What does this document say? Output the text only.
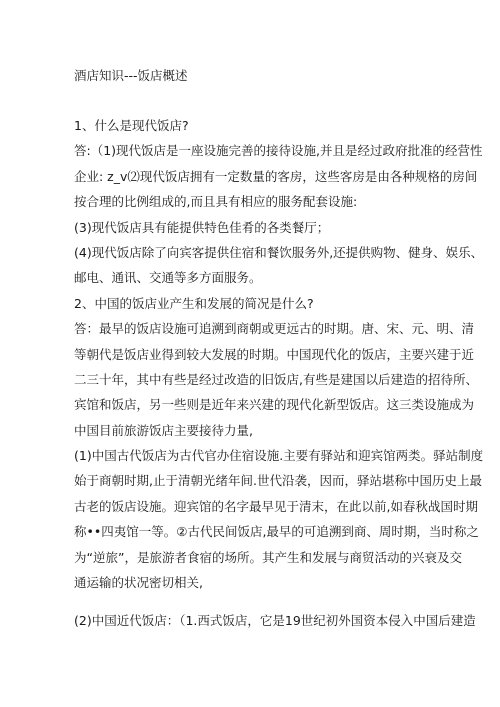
酒店知识---饭店概述
1、什么是现代饭店?
答:（1)现代饭店是一座设施完善的接待设施,并且是经过政府批准的经营性
企业: z_v⑵现代饭店拥有一定数量的客房，这些客房是由各种规格的房间
按合理的比例组成的,而且具有相应的服务配套设施:
(3)现代饭店具有能提供特色佳肴的各类餐厅；
(4)现代饭店除了向宾客提供住宿和餐饮服务外,还提供购物、健身、娱乐、
邮电、通讯、交通等多方面服务。
2、中国的饭店业产生和发展的简况是什么?
答：最早的饭店设施可追溯到商朝或更远古的时期。唐、宋、元、明、清
等朝代是饭店业得到较大发展的时期。中国现代化的饭店，主要兴建于近
二三十年，其中有些是经过改造的旧饭店,有些是建国以后建造的招待所、
宾馆和饭店，另一些则是近年来兴建的现代化新型饭店。这三类设施成为
中国目前旅游饭店主要接待力量,
(1)中国古代饭店为古代官办住宿设施.主要有驿站和迎宾馆两类。驿站制度
始于商朝时期,止于清朝光绪年间.世代沿袭，因而，驿站堪称中国历史上最
古老的饭店设施。迎宾馆的名字最早见于清末，在此以前,如春秋战国时期
称••四夷馆一等。②古代民间饭店,最早的可追溯到商、周时期，当时称之
为“逆旅”，是旅游者食宿的场所。其产生和发展与商贸活动的兴衰及交
通运输的状况密切相关,
(2)中国近代饭店：（1.西式饭店，它是19世纪初外国资本侵入中国后建造
